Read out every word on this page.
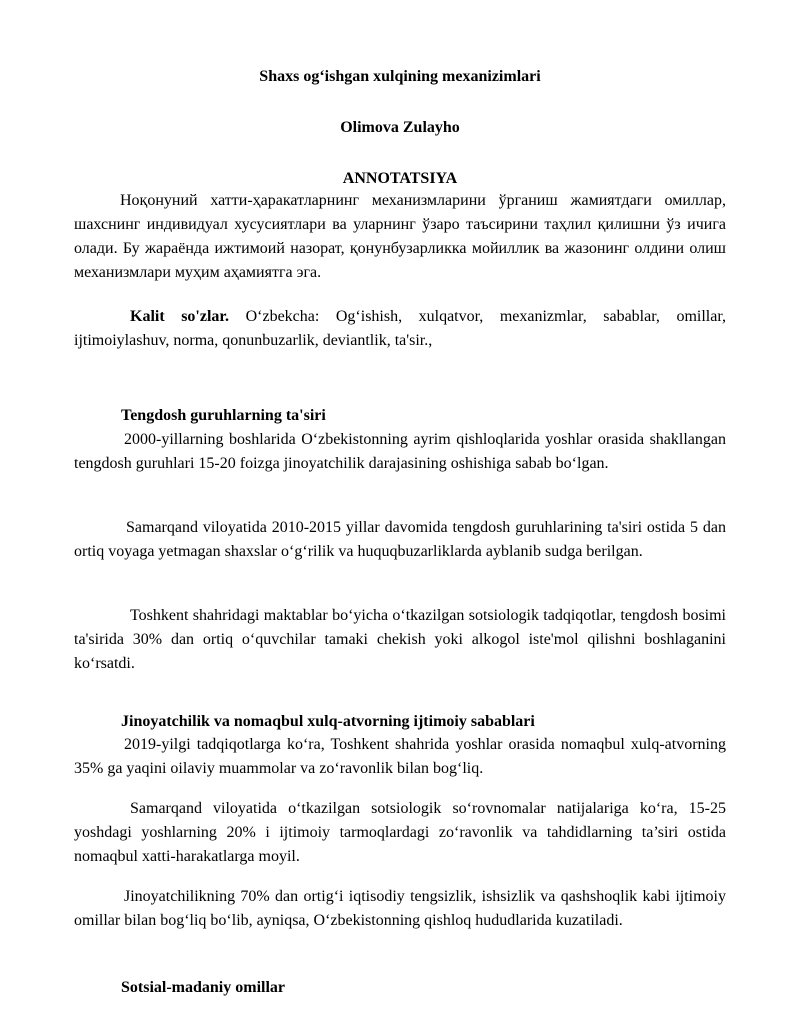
Shaxs og‘ishgan xulqining mexanizimlari

Olimova Zulayho

ANNOTATSIYA

Ноқонуний хатти-ҳаракатларнинг механизмларини ўрганиш жамиятдаги омиллар, шахснинг индивидуал хусусиятлари ва уларнинг ўзаро таъсирини таҳлил қилишни ўз ичига олади. Бу жараёнда ижтимоий назорат, қонунбузарликка мойиллик ва жазонинг олдини олиш механизмлари муҳим аҳамиятга эга.

Kalit so'zlar. O‘zbekcha: Og‘ishish, xulqatvor, mexanizmlar, sabablar, omillar, ijtimoiylashuv, norma, qonunbuzarlik, deviantlik, ta'sir.,

Tengdosh guruhlarning ta'siri

2000-yillarning boshlarida O‘zbekistonning ayrim qishloqlarida yoshlar orasida shakllangan tengdosh guruhlari 15-20 foizga jinoyatchilik darajasining oshishiga sabab bo‘lgan.

Samarqand viloyatida 2010-2015 yillar davomida tengdosh guruhlarining ta'siri ostida 5 dan ortiq voyaga yetmagan shaxslar o‘g‘rilik va huquqbuzarliklarda ayblanib sudga berilgan.

Toshkent shahridagi maktablar bo‘yicha o‘tkazilgan sotsiologik tadqiqotlar, tengdosh bosimi ta'sirida 30% dan ortiq o‘quvchilar tamaki chekish yoki alkogol iste'mol qilishni boshlaganini ko‘rsatdi.

Jinoyatchilik va nomaqbul xulq-atvorning ijtimoiy sabablari

2019-yilgi tadqiqotlarga ko‘ra, Toshkent shahrida yoshlar orasida nomaqbul xulq-atvorning 35% ga yaqini oilaviy muammolar va zo‘ravonlik bilan bog‘liq.

Samarqand viloyatida o‘tkazilgan sotsiologik so‘rovnomalar natijalariga ko‘ra, 15-25 yoshdagi yoshlarning 20% i ijtimoiy tarmoqlardagi zo‘ravonlik va tahdidlarning ta’siri ostida nomaqbul xatti-harakatlarga moyil.

Jinoyatchilikning 70% dan ortig‘i iqtisodiy tengsizlik, ishsizlik va qashshoqlik kabi ijtimoiy omillar bilan bog‘liq bo‘lib, ayniqsa, O‘zbekistonning qishloq hududlarida kuzatiladi.

Sotsial-madaniy omillar
